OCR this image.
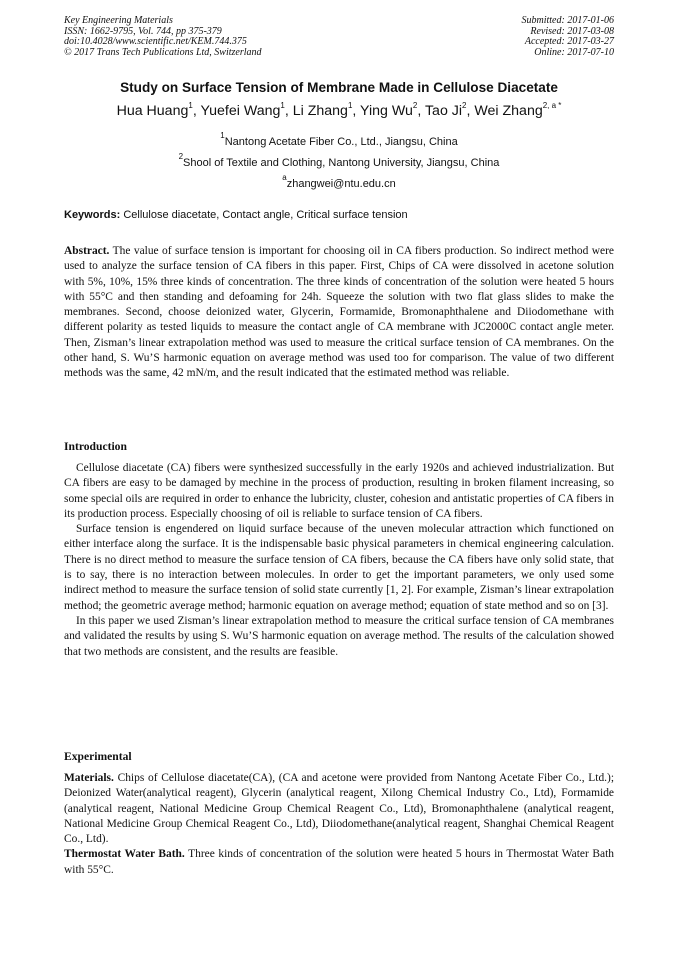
Key Engineering Materials
ISSN: 1662-9795, Vol. 744, pp 375-379
doi:10.4028/www.scientific.net/KEM.744.375
© 2017 Trans Tech Publications Ltd, Switzerland
Submitted: 2017-01-06
Revised: 2017-03-08
Accepted: 2017-03-27
Online: 2017-07-10
Study on Surface Tension of Membrane Made in Cellulose Diacetate
Hua Huang$^1$, Yuefei Wang$^1$, Li Zhang$^1$, Ying Wu$^2$, Tao Ji$^2$, Wei Zhang$^{2, a *}$
$^1$Nantong Acetate Fiber Co., Ltd., Jiangsu, China
$^2$Shool of Textile and Clothing, Nantong University, Jiangsu, China
$^a$zhangwei@ntu.edu.cn
Keywords: Cellulose diacetate, Contact angle, Critical surface tension
Abstract. The value of surface tension is important for choosing oil in CA fibers production. So indirect method were used to analyze the surface tension of CA fibers in this paper. First, Chips of CA were dissolved in acetone solution with 5%, 10%, 15% three kinds of concentration. The three kinds of concentration of the solution were heated 5 hours with 55°C and then standing and defoaming for 24h. Squeeze the solution with two flat glass slides to make the membranes. Second, choose deionized water, Glycerin, Formamide, Bromonaphthalene and Diiodomethane with different polarity as tested liquids to measure the contact angle of CA membrane with JC2000C contact angle meter. Then, Zisman’s linear extrapolation method was used to measure the critical surface tension of CA membranes. On the other hand, S. Wu’S harmonic equation on average method was used too for comparison. The value of two different methods was the same, 42 mN/m, and the result indicated that the estimated method was reliable.
Introduction

Cellulose diacetate (CA) fibers were synthesized successfully in the early 1920s and achieved industrialization. But CA fibers are easy to be damaged by mechine in the process of production, resulting in broken filament increasing, so some special oils are required in order to enhance the lubricity, cluster, cohesion and antistatic properties of CA fibers in its production process. Especially choosing of oil is reliable to surface tension of CA fibers.

Surface tension is engendered on liquid surface because of the uneven molecular attraction which functioned on either interface along the surface. It is the indispensable basic physical parameters in chemical engineering calculation. There is no direct method to measure the surface tension of CA fibers, because the CA fibers have only solid state, that is to say, there is no interaction between molecules. In order to get the important parameters, we only used some indirect method to measure the surface tension of solid state currently [1, 2]. For example, Zisman’s linear extrapolation method; the geometric average method; harmonic equation on average method; equation of state method and so on [3].

In this paper we used Zisman’s linear extrapolation method to measure the critical surface tension of CA membranes and validated the results by using S. Wu’S harmonic equation on average method. The results of the calculation showed that two methods are consistent, and the results are feasible.

Experimental

Materials. Chips of Cellulose diacetate(CA), (CA and acetone were provided from Nantong Acetate Fiber Co., Ltd.); Deionized Water(analytical reagent), Glycerin (analytical reagent, Xilong Chemical Industry Co., Ltd), Formamide (analytical reagent, National Medicine Group Chemical Reagent Co., Ltd), Bromonaphthalene (analytical reagent, National Medicine Group Chemical Reagent Co., Ltd), Diiodomethane(analytical reagent, Shanghai Chemical Reagent Co., Ltd).

Thermostat Water Bath. Three kinds of concentration of the solution were heated 5 hours in Thermostat Water Bath with 55°C.
